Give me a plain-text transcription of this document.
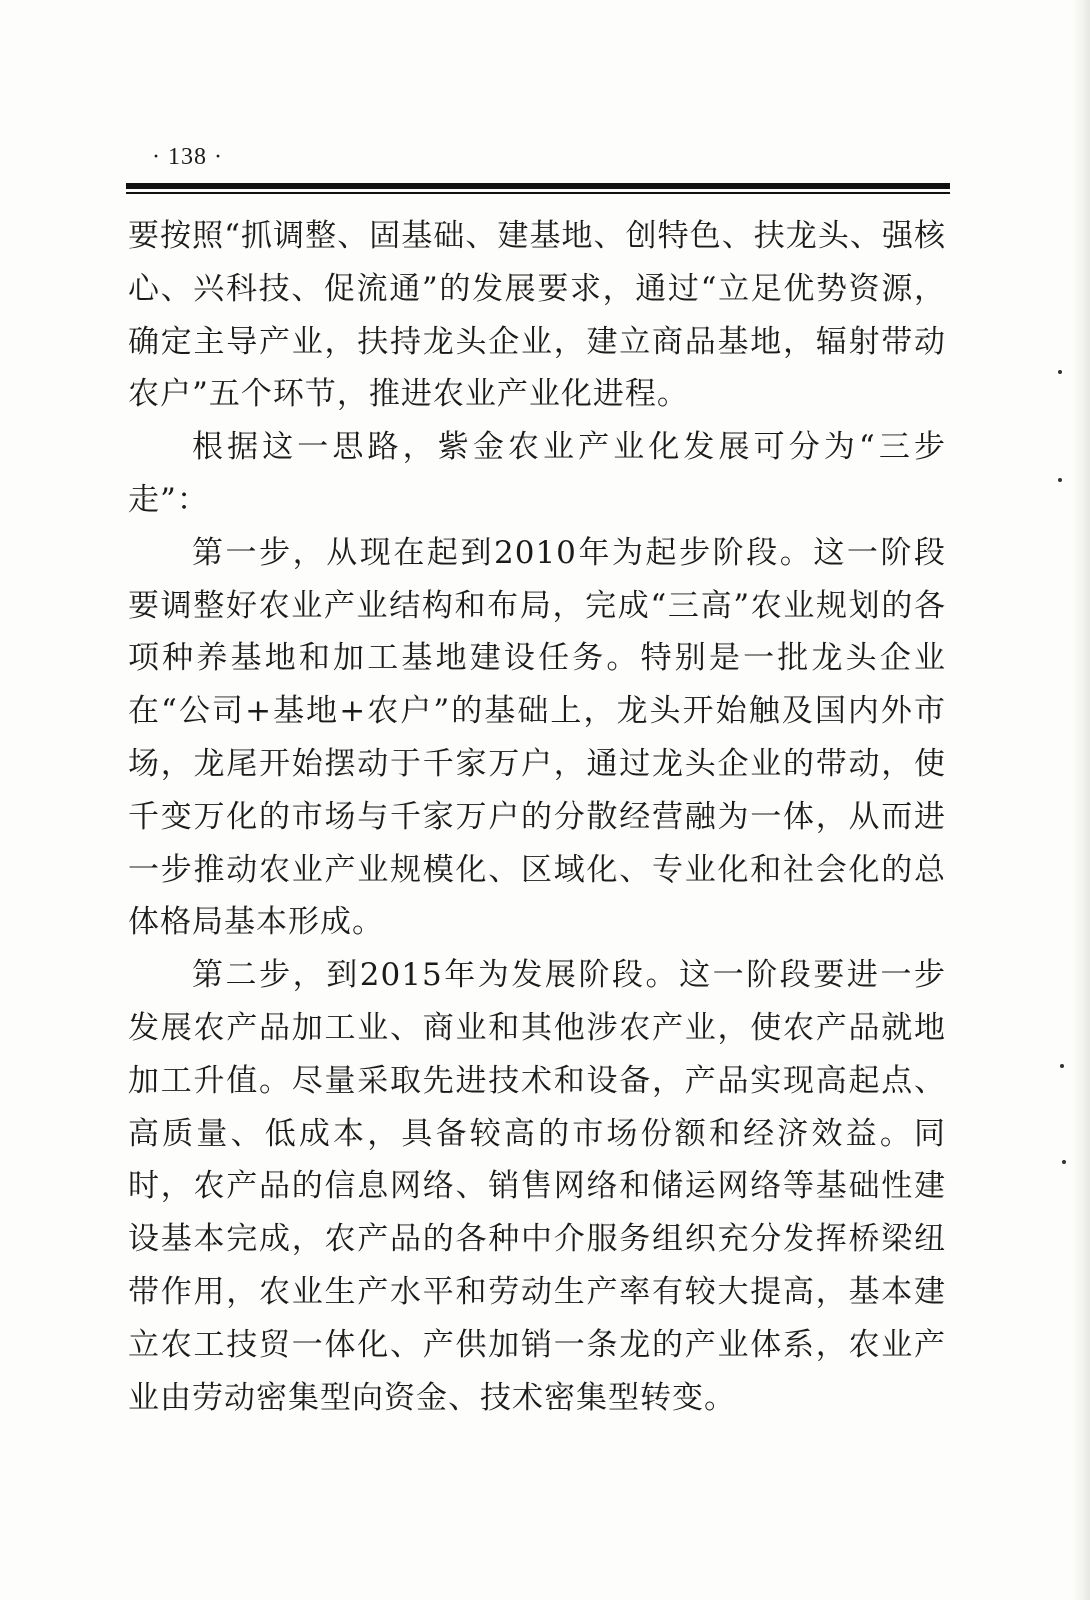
· 138 ·

要按照“抓调整、固基础、建基地、创特色、扶龙头、强核心、兴科技、促流通”的发展要求，通过“立足优势资源，确定主导产业，扶持龙头企业，建立商品基地，辐射带动农户”五个环节，推进农业产业化进程。

根据这一思路，紫金农业产业化发展可分为“三步走”：

第一步，从现在起到2010年为起步阶段。这一阶段要调整好农业产业结构和布局，完成“三高”农业规划的各项种养基地和加工基地建设任务。特别是一批龙头企业在“公司+基地+农户”的基础上，龙头开始触及国内外市场，龙尾开始摆动于千家万户，通过龙头企业的带动，使千变万化的市场与千家万户的分散经营融为一体，从而进一步推动农业产业规模化、区域化、专业化和社会化的总体格局基本形成。

第二步，到2015年为发展阶段。这一阶段要进一步发展农产品加工业、商业和其他涉农产业，使农产品就地加工升值。尽量采取先进技术和设备，产品实现高起点、高质量、低成本，具备较高的市场份额和经济效益。同时，农产品的信息网络、销售网络和储运网络等基础性建设基本完成，农产品的各种中介服务组织充分发挥桥梁纽带作用，农业生产水平和劳动生产率有较大提高，基本建立农工技贸一体化、产供加销一条龙的产业体系，农业产业由劳动密集型向资金、技术密集型转变。
